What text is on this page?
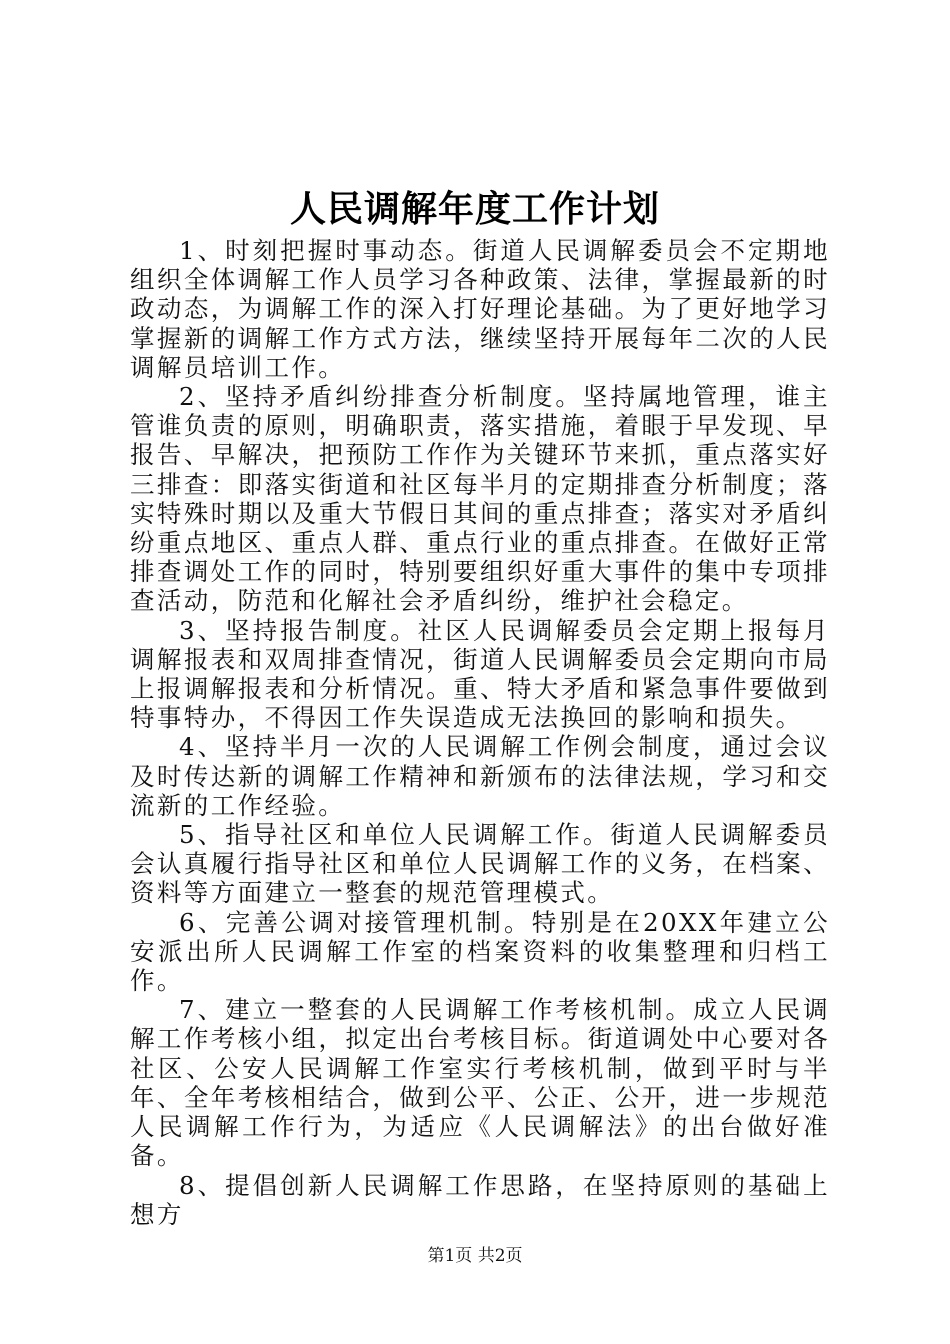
人民调解年度工作计划

1、时刻把握时事动态。街道人民调解委员会不定期地组织全体调解工作人员学习各种政策、法律，掌握最新的时政动态，为调解工作的深入打好理论基础。为了更好地学习掌握新的调解工作方式方法，继续坚持开展每年二次的人民调解员培训工作。

2、坚持矛盾纠纷排查分析制度。坚持属地管理，谁主管谁负责的原则，明确职责，落实措施，着眼于早发现、早报告、早解决，把预防工作作为关键环节来抓，重点落实好三排查：即落实街道和社区每半月的定期排查分析制度；落实特殊时期以及重大节假日其间的重点排查；落实对矛盾纠纷重点地区、重点人群、重点行业的重点排查。在做好正常排查调处工作的同时，特别要组织好重大事件的集中专项排查活动，防范和化解社会矛盾纠纷，维护社会稳定。

3、坚持报告制度。社区人民调解委员会定期上报每月调解报表和双周排查情况，街道人民调解委员会定期向市局上报调解报表和分析情况。重、特大矛盾和紧急事件要做到特事特办，不得因工作失误造成无法换回的影响和损失。

4、坚持半月一次的人民调解工作例会制度，通过会议及时传达新的调解工作精神和新颁布的法律法规，学习和交流新的工作经验。

5、指导社区和单位人民调解工作。街道人民调解委员会认真履行指导社区和单位人民调解工作的义务，在档案、资料等方面建立一整套的规范管理模式。

6、完善公调对接管理机制。特别是在20XX年建立公安派出所人民调解工作室的档案资料的收集整理和归档工作。

7、建立一整套的人民调解工作考核机制。成立人民调解工作考核小组，拟定出台考核目标。街道调处中心要对各社区、公安人民调解工作室实行考核机制，做到平时与半年、全年考核相结合，做到公平、公正、公开，进一步规范人民调解工作行为，为适应《人民调解法》的出台做好准备。

8、提倡创新人民调解工作思路，在坚持原则的基础上想方

第1页 共2页
